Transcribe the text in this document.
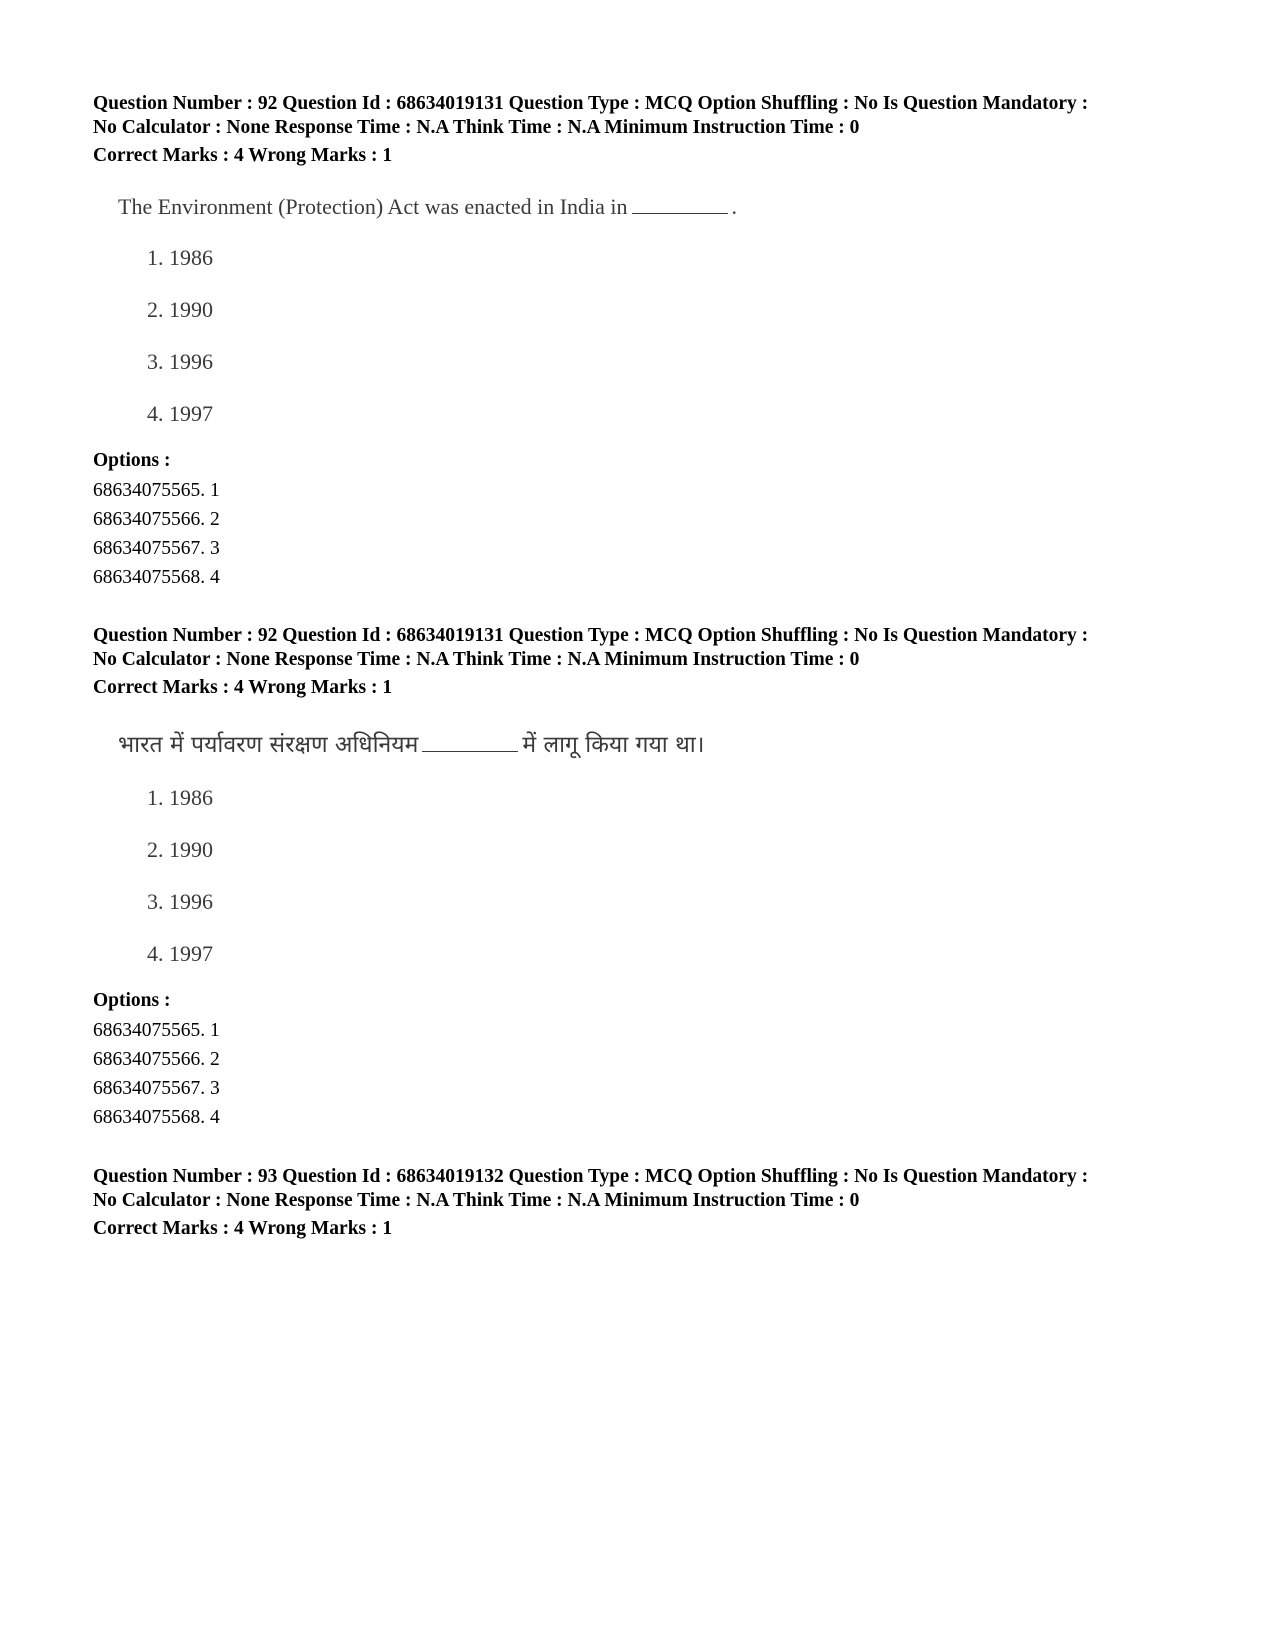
Question Number : 92 Question Id : 68634019131 Question Type : MCQ Option Shuffling : No Is Question Mandatory :
No Calculator : None Response Time : N.A Think Time : N.A Minimum Instruction Time : 0
Correct Marks : 4 Wrong Marks : 1
The Environment (Protection) Act was enacted in India in	.
1. 1986
2. 1990
3. 1996
4. 1997
Options :
68634075565. 1
68634075566. 2
68634075567. 3
68634075568. 4
Question Number : 92 Question Id : 68634019131 Question Type : MCQ Option Shuffling : No Is Question Mandatory :
No Calculator : None Response Time : N.A Think Time : N.A Minimum Instruction Time : 0
Correct Marks : 4 Wrong Marks : 1
भारत में पर्यावरण संरक्षण अधिनियम	में लागू किया गया था।
1. 1986
2. 1990
3. 1996
4. 1997
Options :
68634075565. 1
68634075566. 2
68634075567. 3
68634075568. 4
Question Number : 93 Question Id : 68634019132 Question Type : MCQ Option Shuffling : No Is Question Mandatory :
No Calculator : None Response Time : N.A Think Time : N.A Minimum Instruction Time : 0
Correct Marks : 4 Wrong Marks : 1
